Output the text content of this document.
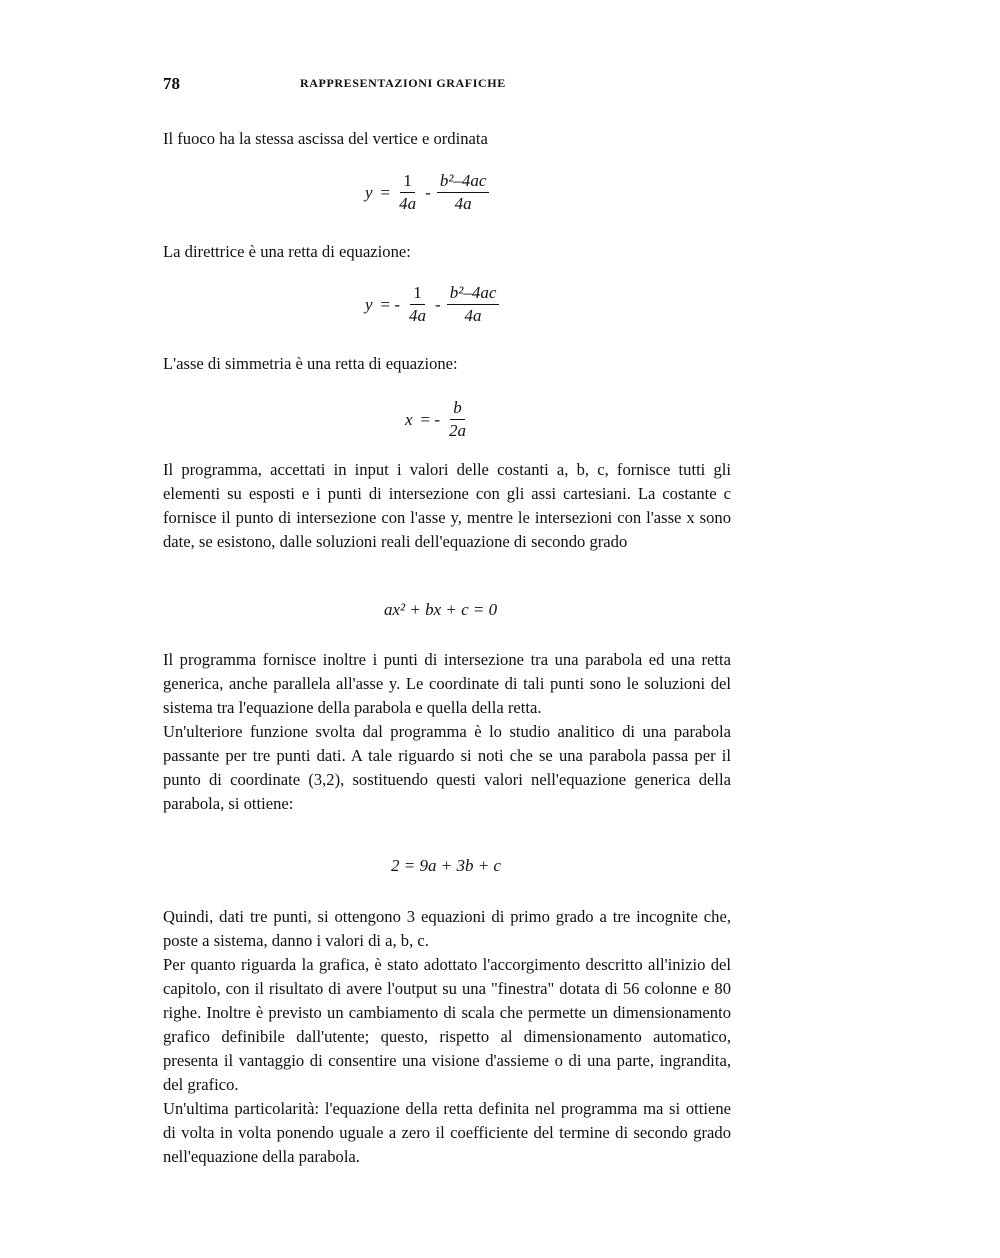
78	RAPPRESENTAZIONI GRAFICHE
Il fuoco ha la stessa ascissa del vertice e ordinata
$y = \frac{1}{4a} - \frac{\text{b²–4ac}}{4a}$
La direttrice è una retta di equazione:
y = - $\frac{1}{4a} - \frac{\text{b²–4ac}}{4a}$
L'asse di simmetria è una retta di equazione:
x = - $\frac{b}{2a}$
Il programma, accettati in input i valori delle costanti a, b, c, fornisce tutti gli elementi su esposti e i punti di intersezione con gli assi cartesiani. La costante c fornisce il punto di intersezione con l'asse y, mentre le intersezioni con l'asse x sono date, se esistono, dalle soluzioni reali dell'equazione di secondo grado
ax² + bx + c = 0
Il programma fornisce inoltre i punti di intersezione tra una parabola ed una retta generica, anche parallela all'asse y. Le coordinate di tali punti sono le soluzioni del sistema tra l'equazione della parabola e quella della retta.
Un'ulteriore funzione svolta dal programma è lo studio analitico di una parabola passante per tre punti dati. A tale riguardo si noti che se una parabola passa per il punto di coordinate (3,2), sostituendo questi valori nell'equazione generica della parabola, si ottiene:
2 = 9a + 3b + c
Quindi, dati tre punti, si ottengono 3 equazioni di primo grado a tre incognite che, poste a sistema, danno i valori di a, b, c.
Per quanto riguarda la grafica, è stato adottato l'accorgimento descritto all'inizio del capitolo, con il risultato di avere l'output su una "finestra" dotata di 56 colonne e 80 righe. Inoltre è previsto un cambiamento di scala che permette un dimensionamento grafico definibile dall'utente; questo, rispetto al dimensionamento automatico, presenta il vantaggio di consentire una visione d'assieme o di una parte, ingrandita, del grafico.
Un'ultima particolarità: l'equazione della retta definita nel programma ma si ottiene di volta in volta ponendo uguale a zero il coefficiente del termine di secondo grado nell'equazione della parabola.
